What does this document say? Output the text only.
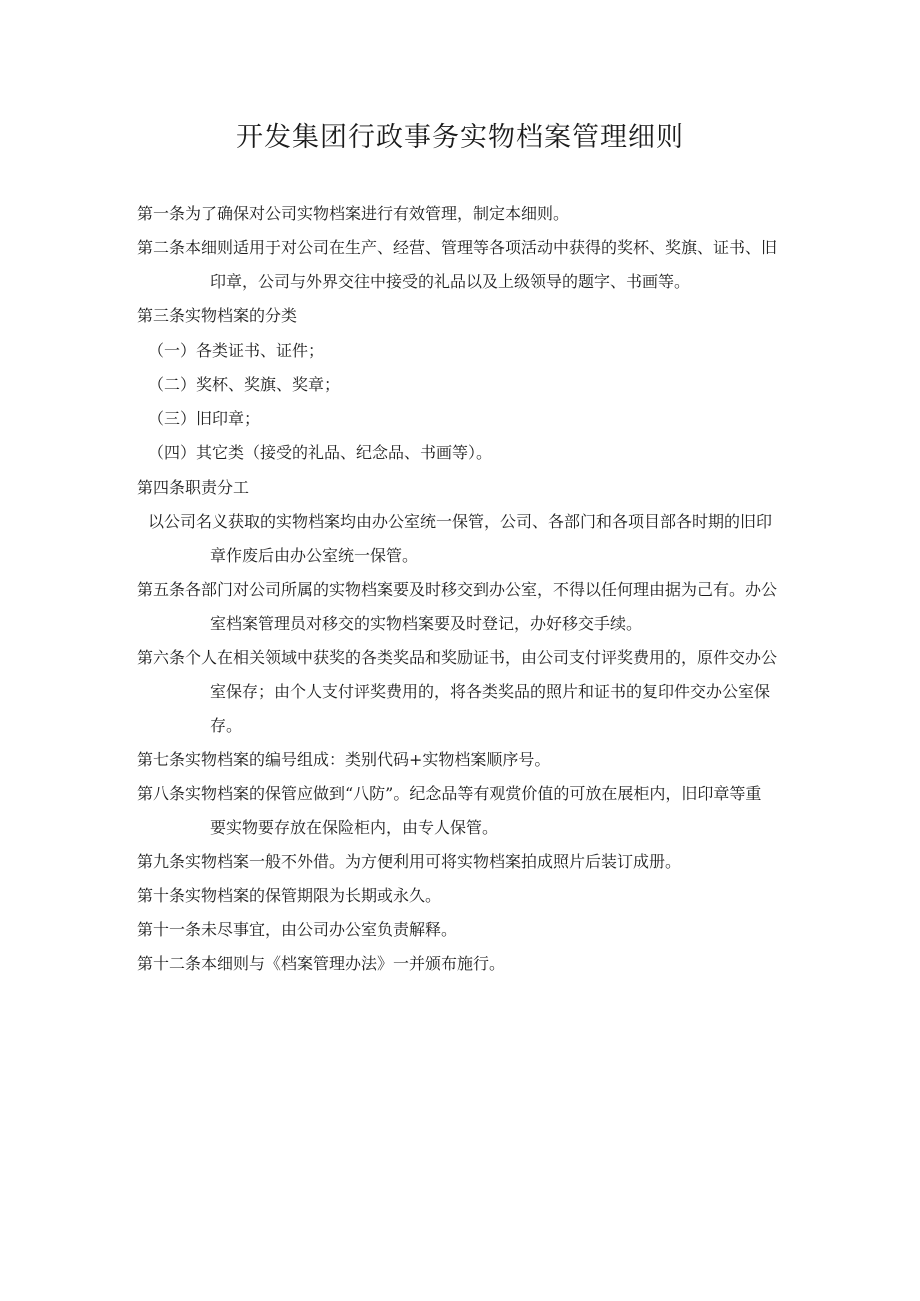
开发集团行政事务实物档案管理细则

第一条为了确保对公司实物档案进行有效管理，制定本细则。

第二条本细则适用于对公司在生产、经营、管理等各项活动中获得的奖杯、奖旗、证书、旧

印章，公司与外界交往中接受的礼品以及上级领导的题字、书画等。

第三条实物档案的分类

（一）各类证书、证件；

（二）奖杯、奖旗、奖章；

（三）旧印章；

（四）其它类（接受的礼品、纪念品、书画等）。

第四条职责分工

以公司名义获取的实物档案均由办公室统一保管，公司、各部门和各项目部各时期的旧印

章作废后由办公室统一保管。

第五条各部门对公司所属的实物档案要及时移交到办公室，不得以任何理由据为己有。办公

室档案管理员对移交的实物档案要及时登记，办好移交手续。

第六条个人在相关领域中获奖的各类奖品和奖励证书，由公司支付评奖费用的，原件交办公

室保存；由个人支付评奖费用的，将各类奖品的照片和证书的复印件交办公室保

存。

第七条实物档案的编号组成：类别代码+实物档案顺序号。

第八条实物档案的保管应做到“八防”。纪念品等有观赏价值的可放在展柜内，旧印章等重

要实物要存放在保险柜内，由专人保管。

第九条实物档案一般不外借。为方便利用可将实物档案拍成照片后装订成册。

第十条实物档案的保管期限为长期或永久。

第十一条未尽事宜，由公司办公室负责解释。

第十二条本细则与《档案管理办法》一并颁布施行。
